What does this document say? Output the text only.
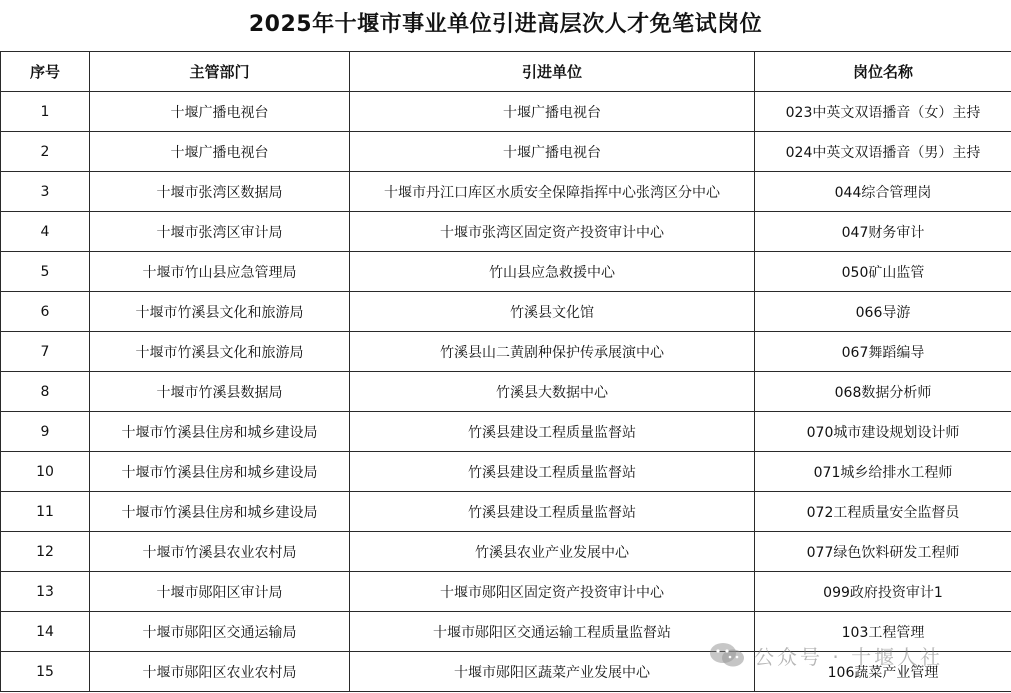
2025年十堰市事业单位引进高层次人才免笔试岗位
序号	主管部门	引进单位	岗位名称
1	十堰广播电视台	十堰广播电视台	023中英文双语播音（女）主持
2	十堰广播电视台	十堰广播电视台	024中英文双语播音（男）主持
3	十堰市张湾区数据局	十堰市丹江口库区水质安全保障指挥中心张湾区分中心	044综合管理岗
4	十堰市张湾区审计局	十堰市张湾区固定资产投资审计中心	047财务审计
5	十堰市竹山县应急管理局	竹山县应急救援中心	050矿山监管
6	十堰市竹溪县文化和旅游局	竹溪县文化馆	066导游
7	十堰市竹溪县文化和旅游局	竹溪县山二黄剧种保护传承展演中心	067舞蹈编导
8	十堰市竹溪县数据局	竹溪县大数据中心	068数据分析师
9	十堰市竹溪县住房和城乡建设局	竹溪县建设工程质量监督站	070城市建设规划设计师
10	十堰市竹溪县住房和城乡建设局	竹溪县建设工程质量监督站	071城乡给排水工程师
11	十堰市竹溪县住房和城乡建设局	竹溪县建设工程质量监督站	072工程质量安全监督员
12	十堰市竹溪县农业农村局	竹溪县农业产业发展中心	077绿色饮料研发工程师
13	十堰市郧阳区审计局	十堰市郧阳区固定资产投资审计中心	099政府投资审计1
14	十堰市郧阳区交通运输局	十堰市郧阳区交通运输工程质量监督站	103工程管理
15	十堰市郧阳区农业农村局	十堰市郧阳区蔬菜产业发展中心	106蔬菜产业管理
公众号 · 十堰人社
